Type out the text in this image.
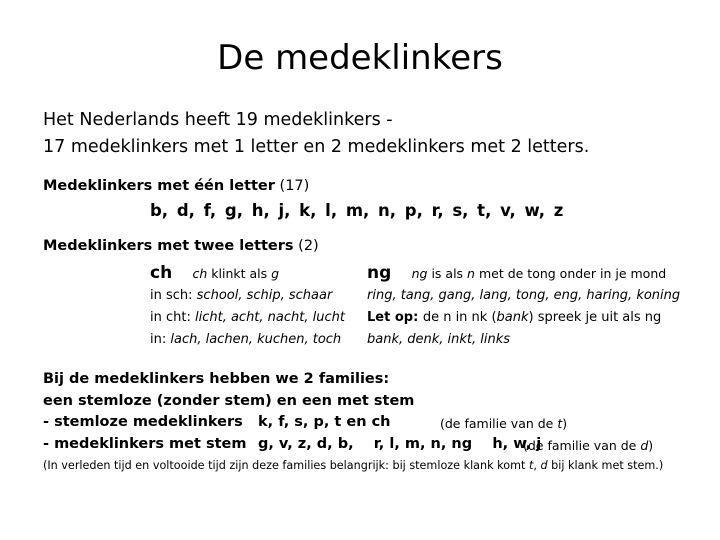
De medeklinkers
Het Nederlands heeft 19 medeklinkers -
17 medeklinkers met 1 letter en 2 medeklinkers met 2 letters.
Medeklinkers met één letter (17)
b, d, f, g, h, j, k, l, m, n, p, r, s, t, v, w, z
Medeklinkers met twee letters (2)
ch ch klinkt als g	ng ng is als n met de tong onder in je mond
in sch: school, schip, schaar
in cht: licht, acht, nacht, lucht
in: lach, lachen, kuchen, toch
ring, tang, gang, lang, tong, eng, haring, koning
Let op: de n in nk (bank) spreek je uit als ng
bank, denk, inkt, links
Bij de medeklinkers hebben we 2 families:
een stemloze (zonder stem) en een met stem
- stemloze medeklinkers k, f, s, p, t en ch	(de familie van de t)
- medeklinkers met stem g, v, z, d, b,    r, l, m, n, ng    h, w, j
(de familie van de d)
(In verleden tijd en voltooide tijd zijn deze families belangrijk: bij stemloze klank komt t, d bij klank met stem.)
